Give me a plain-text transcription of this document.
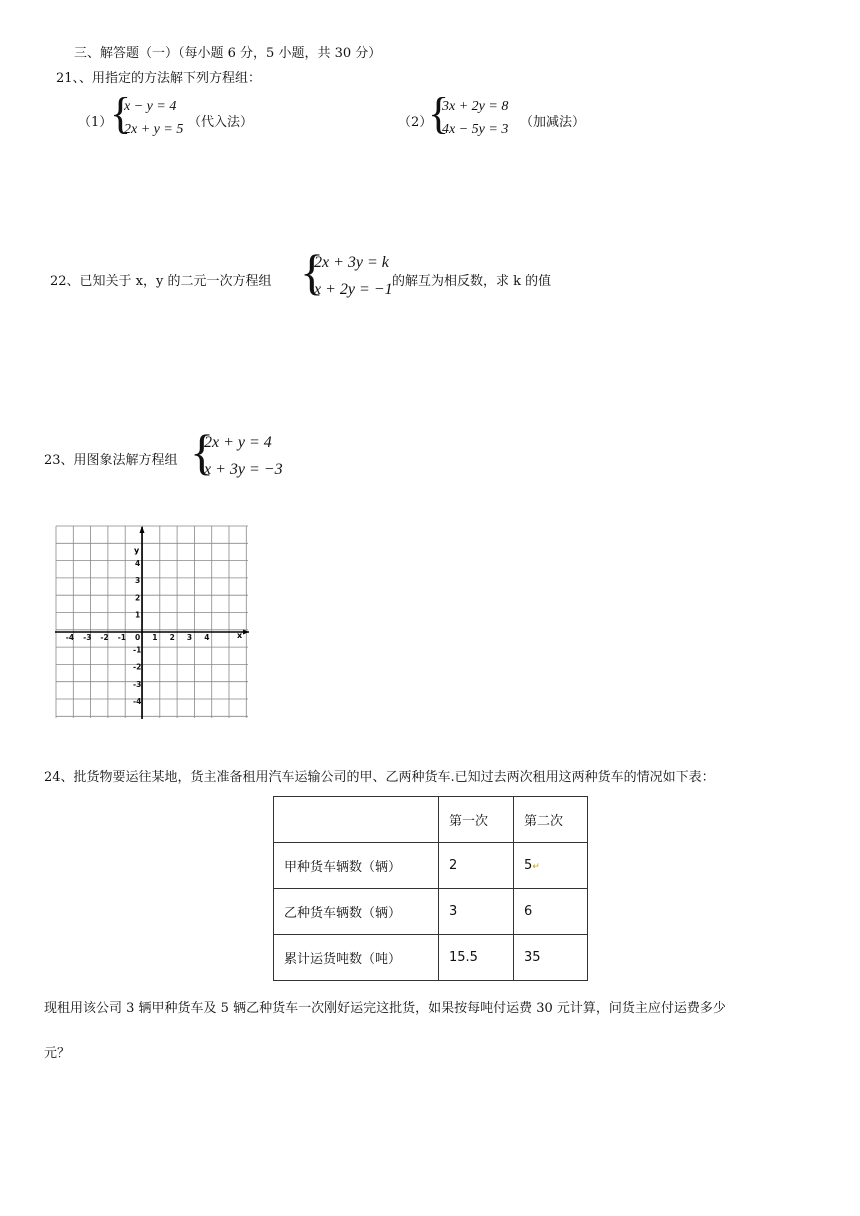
三、解答题（一）（每小题 6 分，5 小题，共 30 分）
21、、用指定的方法解下列方程组：
（1）
{
x − y = 4
2x + y = 5 （代入法）	（2）
{
3x + 2y = 8
4x − 5y = 3 （加减法）
22、已知关于 x，y 的二元一次方程组 {
2x + 3y = k
x + 2y = −1 的解互为相反数，求 k 的值
23、用图象法解方程组 {
2x + y = 4
x + 3y = −3
-4 -3 -2 -1 0 1 2 3 4
4
3
2
1
-1
-2
-3
-4
x
y
24、批货物要运往某地，货主准备租用汽车运输公司的甲、乙两种货车.已知过去两次租用这两种货车的情况如下表：
	第一次	第二次
甲种货车辆数（辆）	2	5↵
乙种货车辆数（辆）	3	6
累计运货吨数（吨）	15.5	35
现租用该公司 3 辆甲种货车及 5 辆乙种货车一次刚好运完这批货，如果按每吨付运费 30 元计算，问货主应付运费多少
元？
